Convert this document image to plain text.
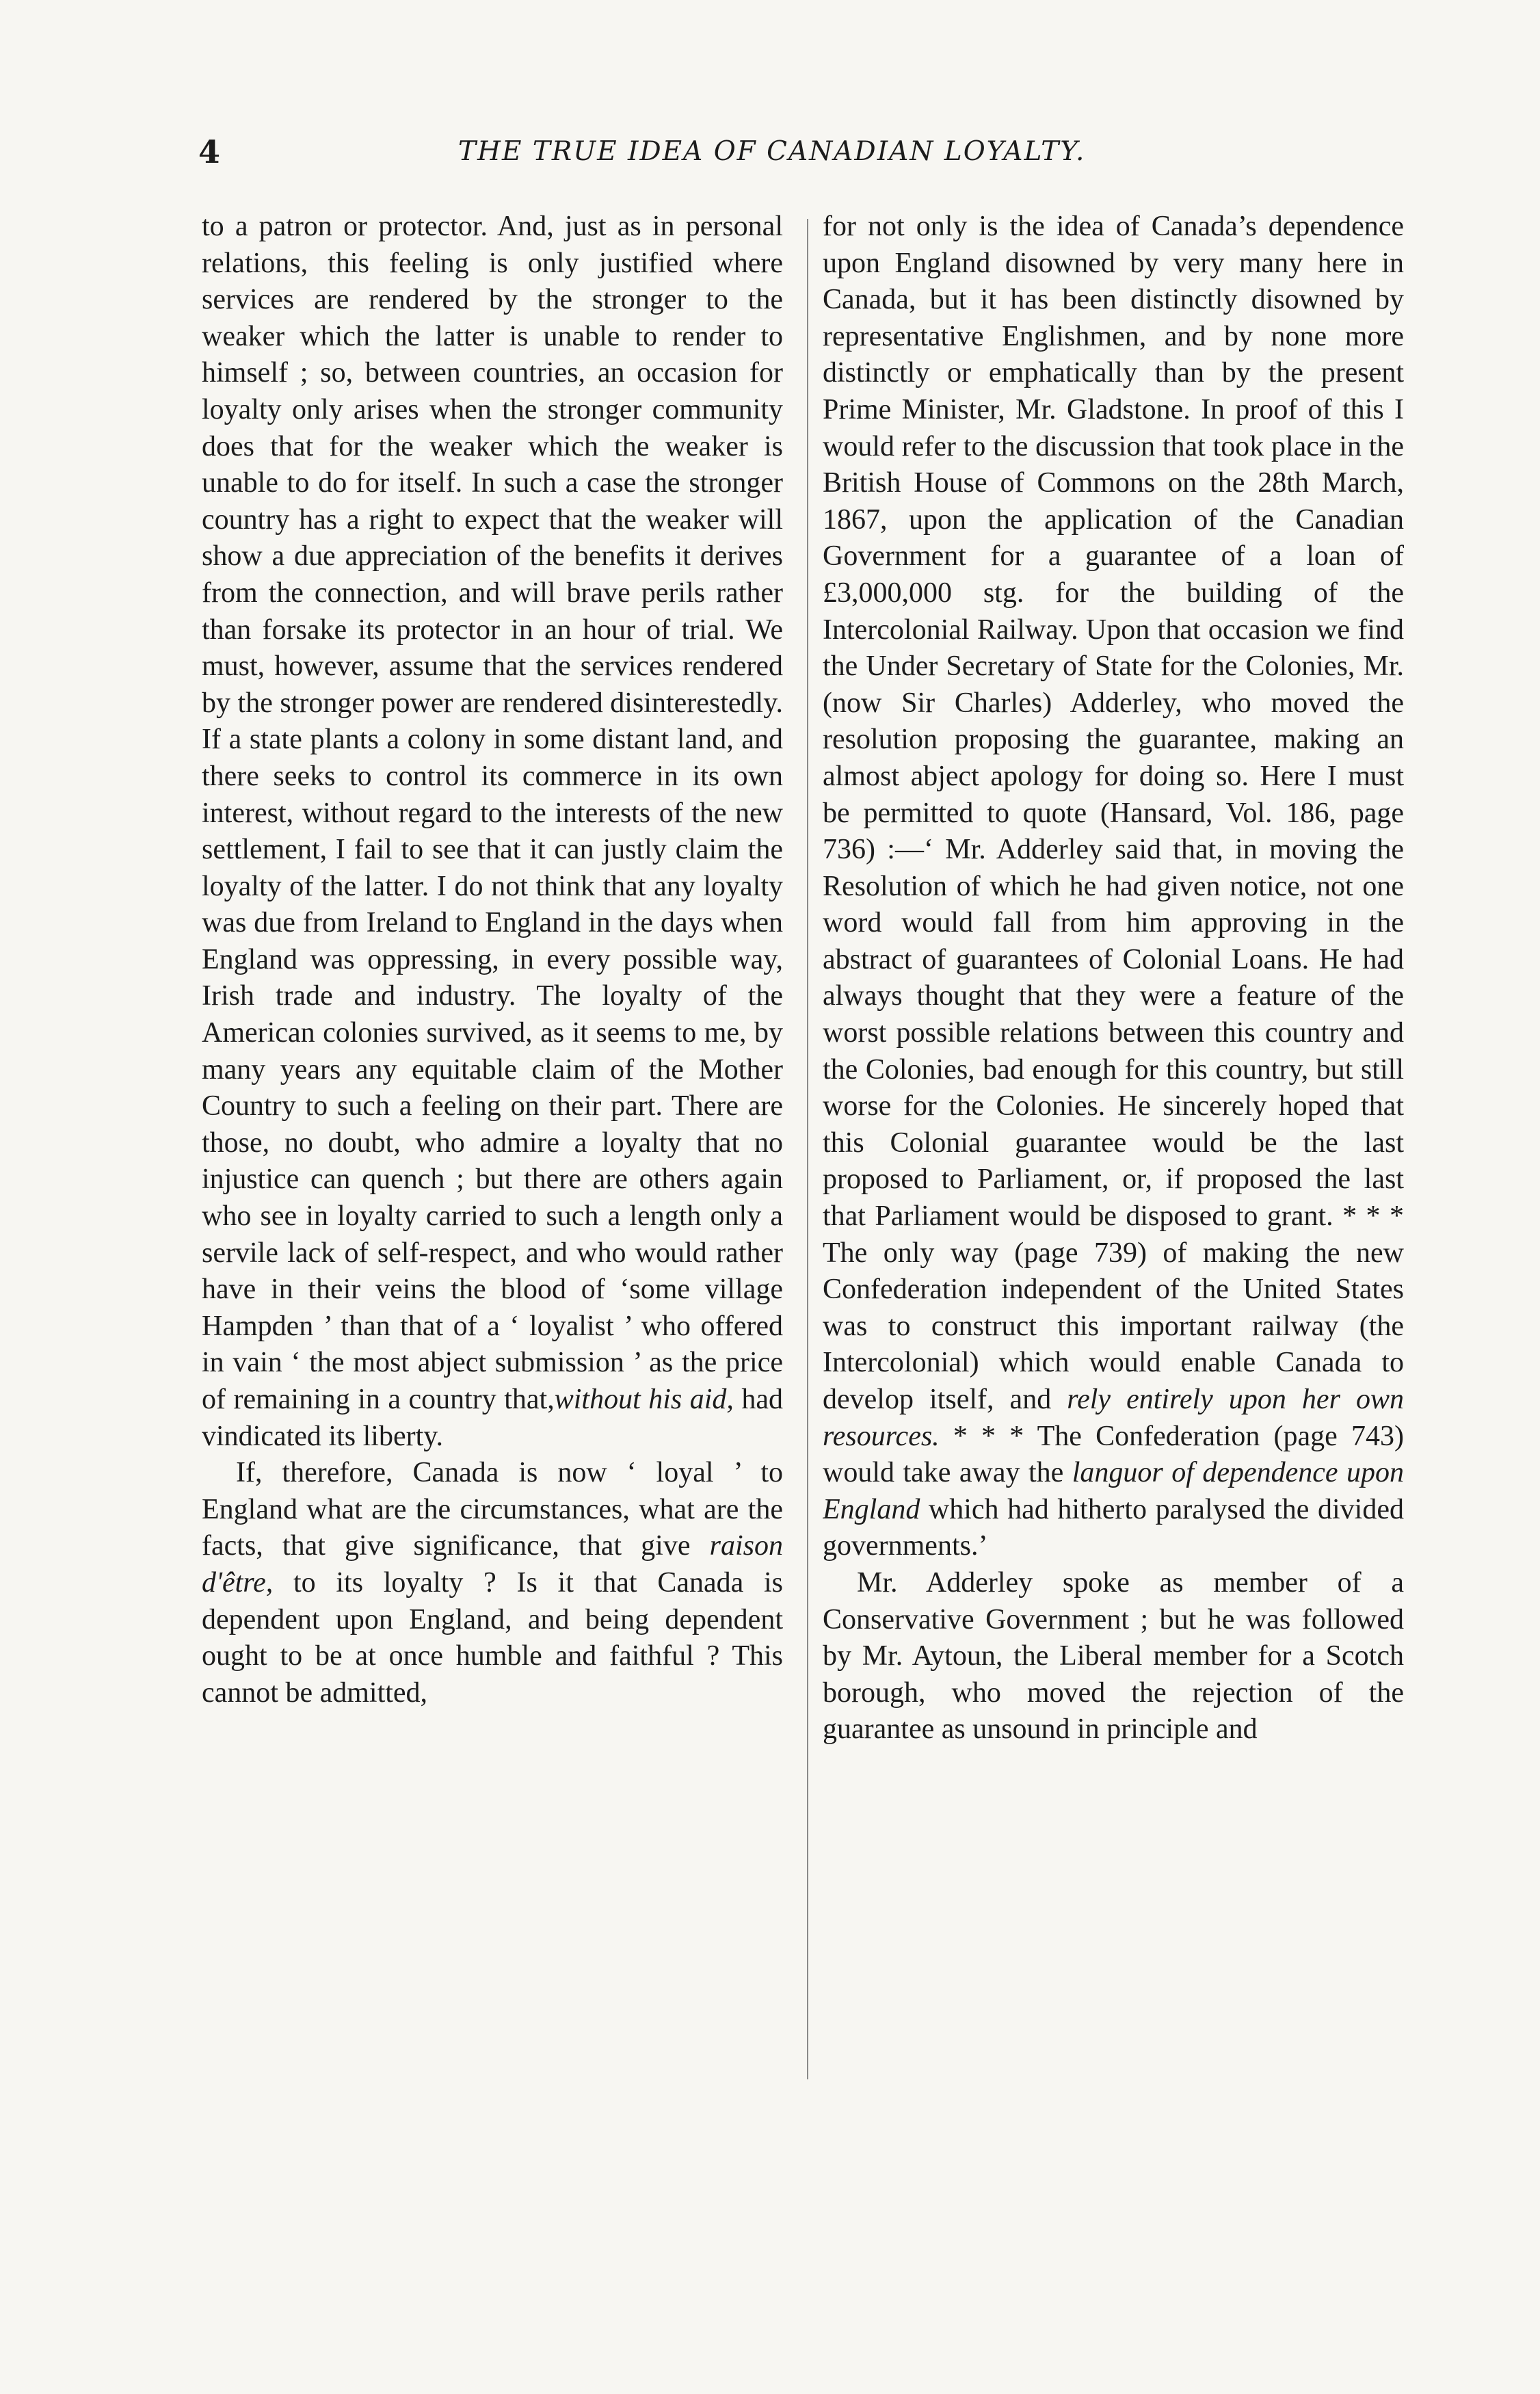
4	THE TRUE IDEA OF CANADIAN LOYALTY.

to a patron or protector. And, just as in personal relations, this feeling is only justified where services are rendered by the stronger to the weaker which the latter is unable to render to himself ; so, between countries, an occasion for loyalty only arises when the stronger community does that for the weaker which the weaker is unable to do for itself. In such a case the stronger country has a right to expect that the weaker will show a due appreciation of the benefits it derives from the connection, and will brave perils rather than forsake its protector in an hour of trial. We must, however, assume that the services rendered by the stronger power are rendered disinterestedly. If a state plants a colony in some distant land, and there seeks to control its commerce in its own interest, without regard to the interests of the new settlement, I fail to see that it can justly claim the loyalty of the latter. I do not think that any loyalty was due from Ireland to England in the days when England was oppressing, in every possible way, Irish trade and industry. The loyalty of the American colonies survived, as it seems to me, by many years any equitable claim of the Mother Country to such a feeling on their part. There are those, no doubt, who admire a loyalty that no injustice can quench ; but there are others again who see in loyalty carried to such a length only a servile lack of self-respect, and who would rather have in their veins the blood of ‘some village Hampden ’ than that of a ‘ loyalist ’ who offered in vain ‘ the most abject submission ’ as the price of remaining in a country that,without his aid, had vindicated its liberty.

If, therefore, Canada is now ‘ loyal ’ to England what are the circumstances, what are the facts, that give significance, that give raison d'être, to its loyalty ? Is it that Canada is dependent upon England, and being dependent ought to be at once humble and faithful ? This cannot be admitted,

for not only is the idea of Canada’s dependence upon England disowned by very many here in Canada, but it has been distinctly disowned by representative Englishmen, and by none more distinctly or emphatically than by the present Prime Minister, Mr. Gladstone. In proof of this I would refer to the discussion that took place in the British House of Commons on the 28th March, 1867, upon the application of the Canadian Government for a guarantee of a loan of £3,000,000 stg. for the building of the Intercolonial Railway. Upon that occasion we find the Under Secretary of State for the Colonies, Mr. (now Sir Charles) Adderley, who moved the resolution proposing the guarantee, making an almost abject apology for doing so. Here I must be permitted to quote (Hansard, Vol. 186, page 736) :—‘ Mr. Adderley said that, in moving the Resolution of which he had given notice, not one word would fall from him approving in the abstract of guarantees of Colonial Loans. He had always thought that they were a feature of the worst possible relations between this country and the Colonies, bad enough for this country, but still worse for the Colonies. He sincerely hoped that this Colonial guarantee would be the last proposed to Parliament, or, if proposed the last that Parliament would be disposed to grant. * * * The only way (page 739) of making the new Confederation independent of the United States was to construct this important railway (the Intercolonial) which would enable Canada to develop itself, and rely entirely upon her own resources. * * * The Confederation (page 743) would take away the languor of dependence upon England which had hitherto paralysed the divided governments.’

Mr. Adderley spoke as member of a Conservative Government ; but he was followed by Mr. Aytoun, the Liberal member for a Scotch borough, who moved the rejection of the guarantee as unsound in principle and
